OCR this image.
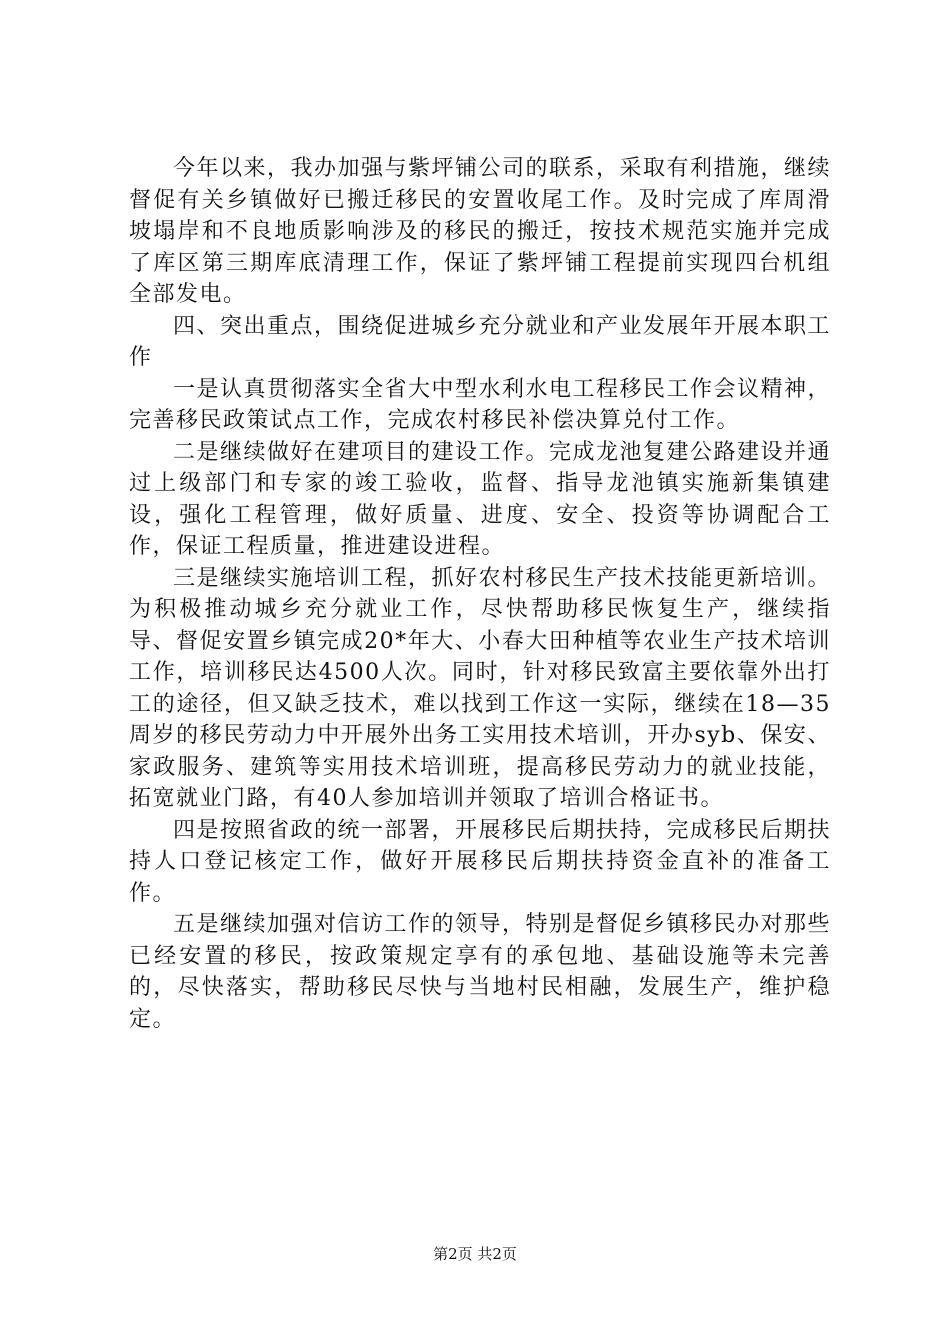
今年以来，我办加强与紫坪铺公司的联系，采取有利措施，继续督促有关乡镇做好已搬迁移民的安置收尾工作。及时完成了库周滑坡塌岸和不良地质影响涉及的移民的搬迁，按技术规范实施并完成了库区第三期库底清理工作，保证了紫坪铺工程提前实现四台机组全部发电。

四、突出重点，围绕促进城乡充分就业和产业发展年开展本职工作

一是认真贯彻落实全省大中型水利水电工程移民工作会议精神，完善移民政策试点工作，完成农村移民补偿决算兑付工作。

二是继续做好在建项目的建设工作。完成龙池复建公路建设并通过上级部门和专家的竣工验收，监督、指导龙池镇实施新集镇建设，强化工程管理，做好质量、进度、安全、投资等协调配合工作，保证工程质量，推进建设进程。

三是继续实施培训工程，抓好农村移民生产技术技能更新培训。为积极推动城乡充分就业工作，尽快帮助移民恢复生产，继续指导、督促安置乡镇完成20*年大、小春大田种植等农业生产技术培训工作，培训移民达4500人次。同时，针对移民致富主要依靠外出打工的途径，但又缺乏技术，难以找到工作这一实际，继续在18—35周岁的移民劳动力中开展外出务工实用技术培训，开办syb、保安、家政服务、建筑等实用技术培训班，提高移民劳动力的就业技能，拓宽就业门路，有40人参加培训并领取了培训合格证书。

四是按照省政的统一部署，开展移民后期扶持，完成移民后期扶持人口登记核定工作，做好开展移民后期扶持资金直补的准备工作。

五是继续加强对信访工作的领导，特别是督促乡镇移民办对那些已经安置的移民，按政策规定享有的承包地、基础设施等未完善的，尽快落实，帮助移民尽快与当地村民相融，发展生产，维护稳定。

第2页 共2页
